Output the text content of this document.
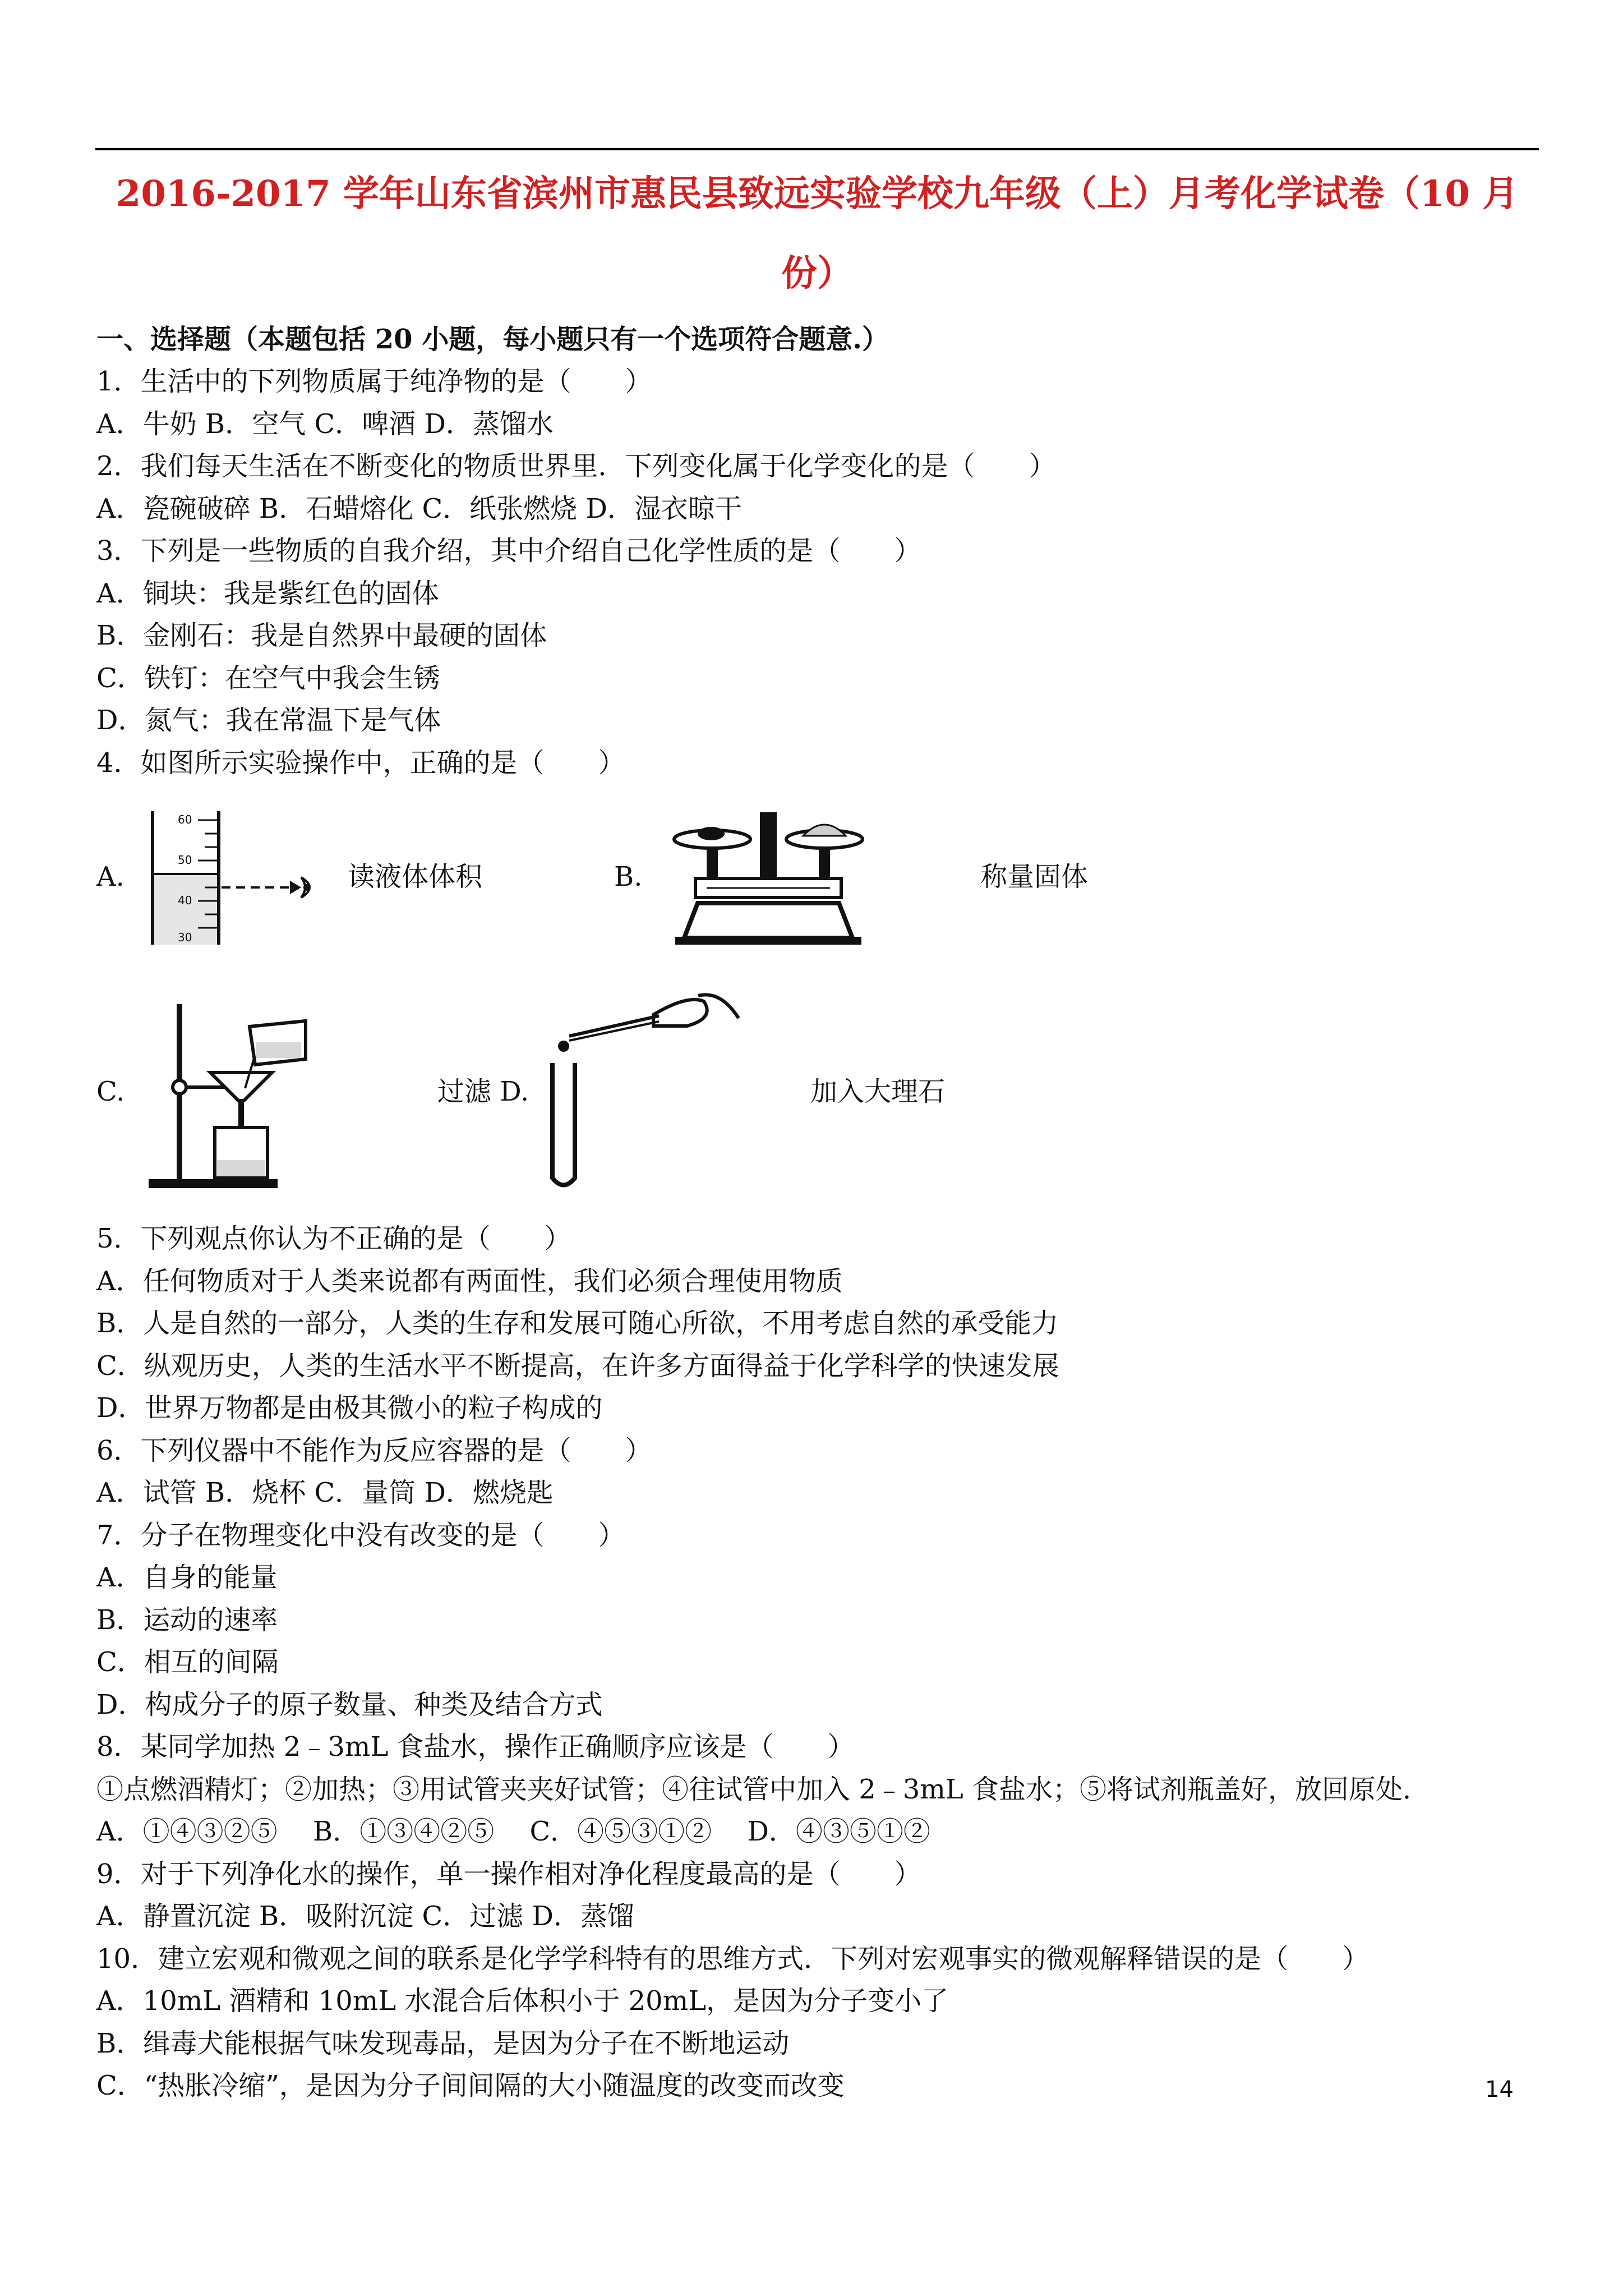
2016-2017 学年山东省滨州市惠民县致远实验学校九年级（上）月考化学试卷（10 月
份）
一、选择题（本题包括 20 小题，每小题只有一个选项符合题意.）
1．生活中的下列物质属于纯净物的是（　　）
A．牛奶 B．空气 C．啤酒 D．蒸馏水
2．我们每天生活在不断变化的物质世界里．下列变化属于化学变化的是（　　）
A．瓷碗破碎 B．石蜡熔化 C．纸张燃烧 D．湿衣晾干
3．下列是一些物质的自我介绍，其中介绍自己化学性质的是（　　）
A．铜块：我是紫红色的固体
B．金刚石：我是自然界中最硬的固体
C．铁钉：在空气中我会生锈
D．氮气：我在常温下是气体
4．如图所示实验操作中，正确的是（　　）
A.
60
50
40
30
读液体体积	B.	称量固体
C.	过滤 D.	加入大理石
5．下列观点你认为不正确的是（　　）
A．任何物质对于人类来说都有两面性，我们必须合理使用物质
B．人是自然的一部分，人类的生存和发展可随心所欲，不用考虑自然的承受能力
C．纵观历史，人类的生活水平不断提高，在许多方面得益于化学科学的快速发展
D．世界万物都是由极其微小的粒子构成的
6．下列仪器中不能作为反应容器的是（　　）
A．试管 B．烧杯 C．量筒 D．燃烧匙
7．分子在物理变化中没有改变的是（　　）
A．自身的能量
B．运动的速率
C．相互的间隔
D．构成分子的原子数量、种类及结合方式
8．某同学加热 2﹣3mL 食盐水，操作正确顺序应该是（　　）
①点燃酒精灯；②加热；③用试管夹夹好试管；④往试管中加入 2﹣3mL 食盐水；⑤将试剂瓶盖好，放回原处．
A．①④③②⑤　 B．①③④②⑤　 C．④⑤③①②　 D．④③⑤①②
9．对于下列净化水的操作，单一操作相对净化程度最高的是（　　）
A．静置沉淀 B．吸附沉淀 C．过滤 D．蒸馏
10．建立宏观和微观之间的联系是化学学科特有的思维方式．下列对宏观事实的微观解释错误的是（　　）
A．10mL 酒精和 10mL 水混合后体积小于 20mL，是因为分子变小了
B．缉毒犬能根据气味发现毒品，是因为分子在不断地运动
C．“热胀冷缩”，是因为分子间间隔的大小随温度的改变而改变	14
